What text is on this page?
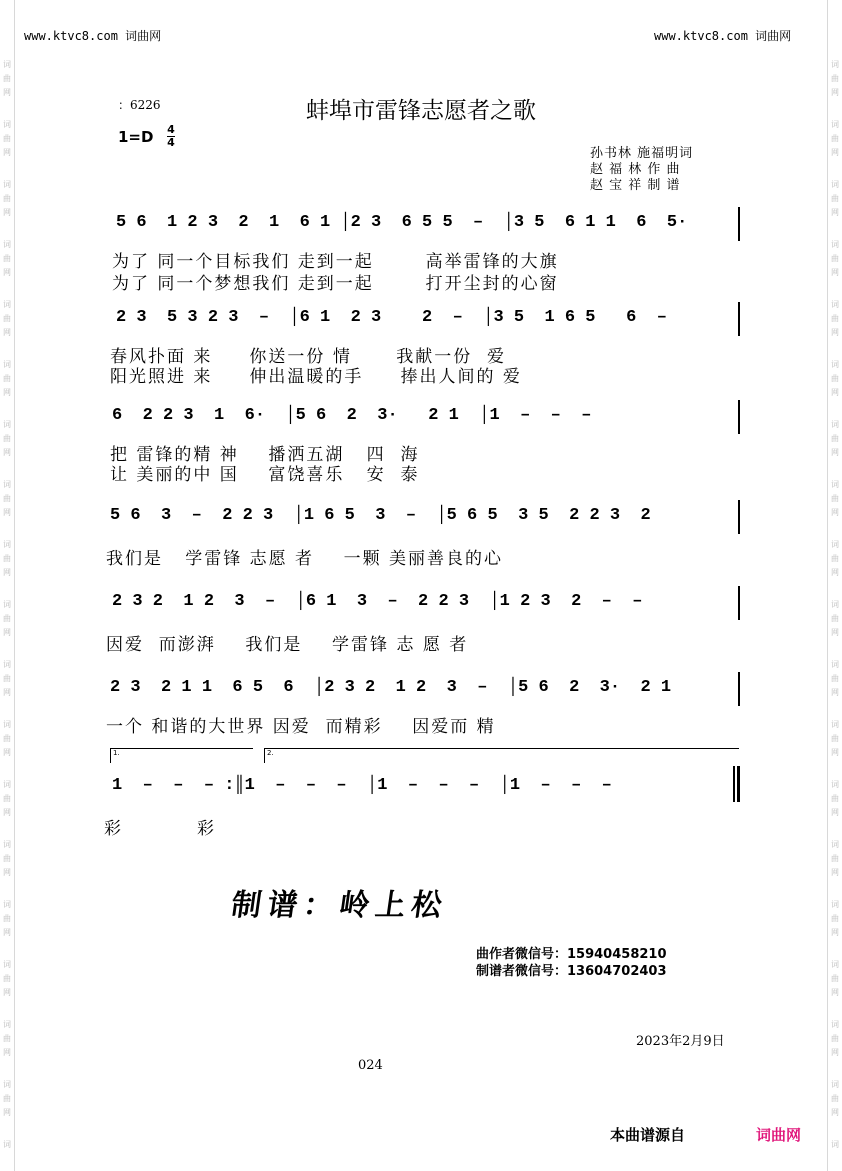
词
曲
网
词
曲
网
词
曲
网
词
曲
网
词
曲
网
词
曲
网
词
曲
网
词
曲
网
词
曲
网
词
曲
网
词
曲
网
词
曲
网
词
曲
网
词
曲
网
词
曲
网
词
曲
网
词
曲
网
词
曲
网
词
词
曲
网
词
曲
网
词
曲
网
词
曲
网
词
曲
网
词
曲
网
词
曲
网
词
曲
网
词
曲
网
词
曲
网
词
曲
网
词
曲
网
词
曲
网
词
曲
网
词
曲
网
词
曲
网
词
曲
网
词
曲
网
词
www.ktvc8.com 词曲网	www.ktvc8.com 词曲网
：6226	蚌埠市雷锋志愿者之歌
1=D 4
4
孙书林 施福明词
赵 福 林 作 曲
赵 宝 祥 制 谱
5 6  1 2 3  2  1  6 1 │2 3  6 5 5  –  │3 5  6 1 1  6  5·
为了 同一个目标我们 走到一起       高举雷锋的大旗
为了 同一个梦想我们 走到一起       打开尘封的心窗
2 3  5 3 2 3  –  │6 1  2 3    2  –  │3 5  1 6 5   6  –
春风扑面 来     你送一份 情      我献一份  爱
阳光照进 来     伸出温暖的手     捧出人间的 爱
6  2 2 3  1  6·  │5 6  2  3·   2 1  │1  –  –  –
把 雷锋的精 神    播洒五湖   四  海
让 美丽的中 国    富饶喜乐   安  泰
5 6  3  –  2 2 3  │1 6 5  3  –  │5 6 5  3 5  2 2 3  2
我们是   学雷锋 志愿 者    一颗 美丽善良的心
2 3 2  1 2  3  –  │6 1  3  –  2 2 3  │1 2 3  2  –  –
因爱  而澎湃    我们是    学雷锋 志 愿 者
2 3  2 1 1  6 5  6  │2 3 2  1 2  3  –  │5 6  2  3·  2 1
一个 和谐的大世界 因爱  而精彩    因爱而 精
1.	2.
1  –  –  – :║1  –  –  –  │1  –  –  –  │1  –  –  –
彩          彩
制谱：岭上松
曲作者微信号：15940458210
制谱者微信号：13604702403
2023年2月9日
024
本曲谱源自	词曲网
